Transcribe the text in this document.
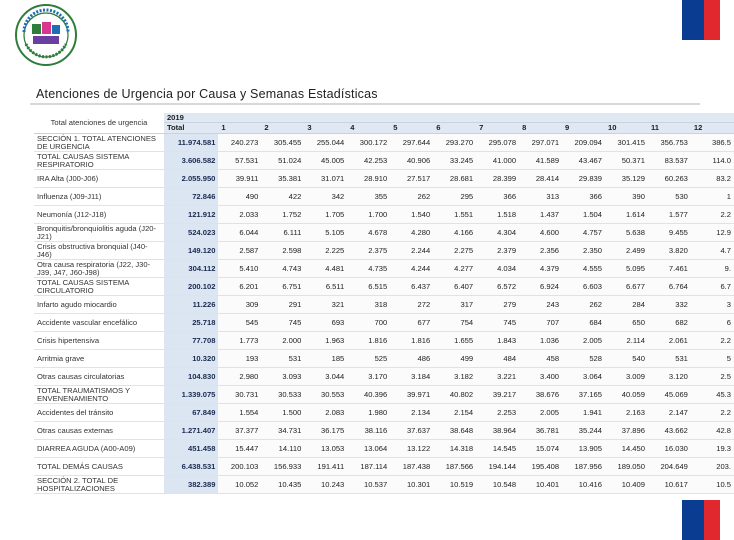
Atenciones de Urgencia por Causa y Semanas Estadísticas
Total atenciones de urgencia	2019												
	Total	1	2	3	4	5	6	7	8	9	10	11	12
SECCIÓN 1. TOTAL ATENCIONES DE URGENCIA	11.974.581	240.273	305.455	255.044	300.172	297.644	293.270	295.078	297.071	209.094	301.415	356.753	386.5
TOTAL CAUSAS SISTEMA RESPIRATORIO	3.606.582	57.531	51.024	45.005	42.253	40.906	33.245	41.000	41.589	43.467	50.371	83.537	114.0
IRA Alta (J00-J06)	2.055.950	39.911	35.381	31.071	28.910	27.517	28.681	28.399	28.414	29.839	35.129	60.263	83.2
Influenza (J09-J11)	72.846	490	422	342	355	262	295	366	313	366	390	530	1
Neumonía (J12-J18)	121.912	2.033	1.752	1.705	1.700	1.540	1.551	1.518	1.437	1.504	1.614	1.577	2.2
Bronquitis/bronquiolitis aguda (J20-J21)	524.023	6.044	6.111	5.105	4.678	4.280	4.166	4.304	4.600	4.757	5.638	9.455	12.9
Crisis obstructiva bronquial (J40-J46)	149.120	2.587	2.598	2.225	2.375	2.244	2.275	2.379	2.356	2.350	2.499	3.820	4.7
Otra causa respiratoria (J22, J30-J39, J47, J60-J98)	304.112	5.410	4.743	4.481	4.735	4.244	4.277	4.034	4.379	4.555	5.095	7.461	9.
TOTAL CAUSAS SISTEMA CIRCULATORIO	200.102	6.201	6.751	6.511	6.515	6.437	6.407	6.572	6.924	6.603	6.677	6.764	6.7
Infarto agudo miocardio	11.226	309	291	321	318	272	317	279	243	262	284	332	3
Accidente vascular encefálico	25.718	545	745	693	700	677	754	745	707	684	650	682	6
Crisis hipertensiva	77.708	1.773	2.000	1.963	1.816	1.816	1.655	1.843	1.036	2.005	2.114	2.061	2.2
Arritmia grave	10.320	193	531	185	525	486	499	484	458	528	540	531	5
Otras causas circulatorias	104.830	2.980	3.093	3.044	3.170	3.184	3.182	3.221	3.400	3.064	3.009	3.120	2.5
TOTAL TRAUMATISMOS Y ENVENENAMIENTO	1.339.075	30.731	30.533	30.553	40.396	39.971	40.802	39.217	38.676	37.165	40.059	45.069	45.3
Accidentes del tránsito	67.849	1.554	1.500	2.083	1.980	2.134	2.154	2.253	2.005	1.941	2.163	2.147	2.2
Otras causas externas	1.271.407	37.377	34.731	36.175	38.116	37.637	38.648	38.964	36.781	35.244	37.896	43.662	42.8
DIARREA AGUDA (A00-A09)	451.458	15.447	14.110	13.053	13.064	13.122	14.318	14.545	15.074	13.905	14.450	16.030	19.3
TOTAL DEMÁS CAUSAS	6.438.531	200.103	156.933	191.411	187.114	187.438	187.566	194.144	195.408	187.956	189.050	204.649	203.
SECCIÓN 2. TOTAL DE HOSPITALIZACIONES	382.389	10.052	10.435	10.243	10.537	10.301	10.519	10.548	10.401	10.416	10.409	10.617	10.5
